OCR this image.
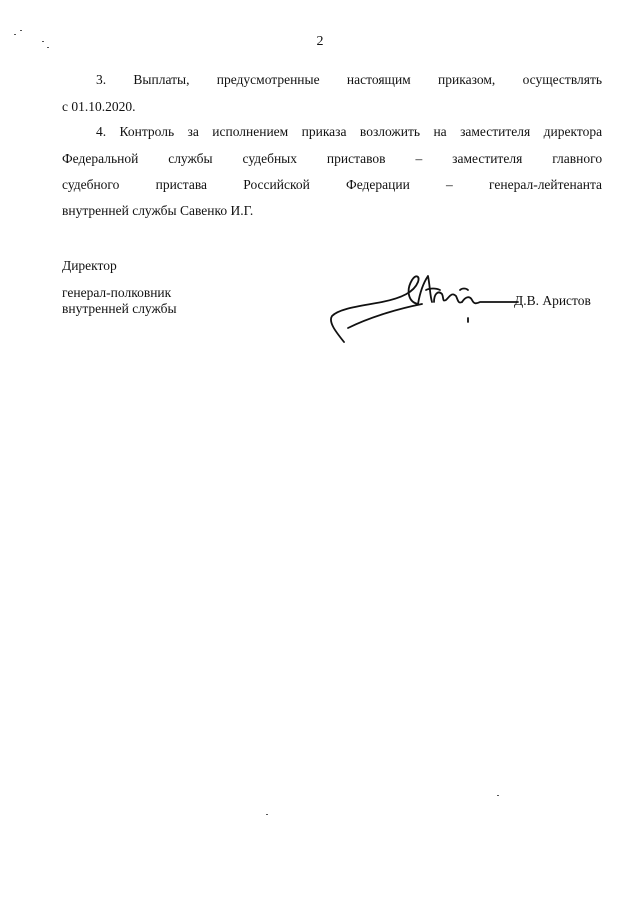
2
3. Выплаты, предусмотренные настоящим приказом, осуществлять
с 01.10.2020.
4. Контроль за исполнением приказа возложить на заместителя директора
Федеральной службы судебных приставов – заместителя главного
судебного	пристава	Российской	Федерации	–	генерал-лейтенанта
внутренней службы Савенко И.Г.
Директор
генерал-полковник
внутренней службы
Д.В. Аристов
